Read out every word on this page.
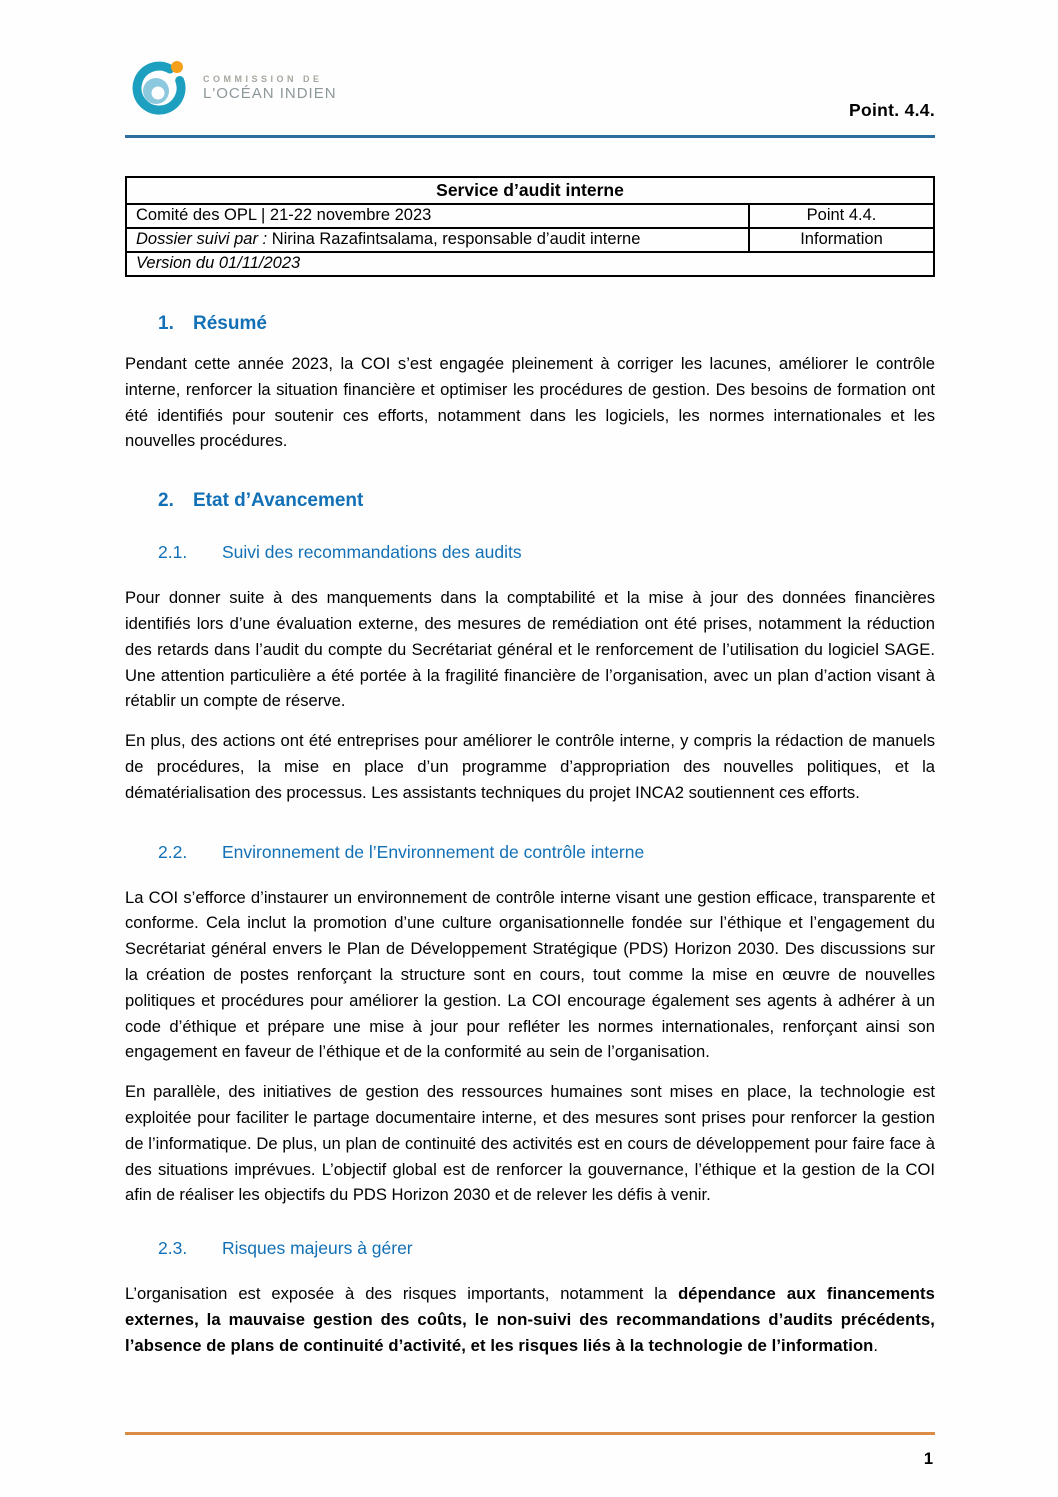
COMMISSION DE
L'OCÉAN INDIEN
Point. 4.4.
Service d’audit interne	
Comité des OPL | 21-22 novembre 2023	Point 4.4.
Dossier suivi par : Nirina Razafintsalama, responsable d’audit interne	Information
Version du 01/11/2023	
1.	Résumé

Pendant cette année 2023, la COI s’est engagée pleinement à corriger les lacunes, améliorer le contrôle interne, renforcer la situation financière et optimiser les procédures de gestion. Des besoins de formation ont été identifiés pour soutenir ces efforts, notamment dans les logiciels, les normes internationales et les nouvelles procédures.

2.	Etat d’Avancement
2.1.	Suivi des recommandations des audits

Pour donner suite à des manquements dans la comptabilité et la mise à jour des données financières identifiés lors d’une évaluation externe, des mesures de remédiation ont été prises, notamment la réduction des retards dans l’audit du compte du Secrétariat général et le renforcement de l’utilisation du logiciel SAGE. Une attention particulière a été portée à la fragilité financière de l’organisation, avec un plan d’action visant à rétablir un compte de réserve.

En plus, des actions ont été entreprises pour améliorer le contrôle interne, y compris la rédaction de manuels de procédures, la mise en place d’un programme d’appropriation des nouvelles politiques, et la dématérialisation des processus. Les assistants techniques du projet INCA2 soutiennent ces efforts.

2.2.	Environnement de l’Environnement de contrôle interne

La COI s’efforce d’instaurer un environnement de contrôle interne visant une gestion efficace, transparente et conforme. Cela inclut la promotion d’une culture organisationnelle fondée sur l’éthique et l’engagement du Secrétariat général envers le Plan de Développement Stratégique (PDS) Horizon 2030. Des discussions sur la création de postes renforçant la structure sont en cours, tout comme la mise en œuvre de nouvelles politiques et procédures pour améliorer la gestion. La COI encourage également ses agents à adhérer à un code d’éthique et prépare une mise à jour pour refléter les normes internationales, renforçant ainsi son engagement en faveur de l’éthique et de la conformité au sein de l’organisation.

En parallèle, des initiatives de gestion des ressources humaines sont mises en place, la technologie est exploitée pour faciliter le partage documentaire interne, et des mesures sont prises pour renforcer la gestion de l’informatique. De plus, un plan de continuité des activités est en cours de développement pour faire face à des situations imprévues. L’objectif global est de renforcer la gouvernance, l’éthique et la gestion de la COI afin de réaliser les objectifs du PDS Horizon 2030 et de relever les défis à venir.

2.3.	Risques majeurs à gérer

L’organisation est exposée à des risques importants, notamment la dépendance aux financements externes, la mauvaise gestion des coûts, le non-suivi des recommandations d’audits précédents, l’absence de plans de continuité d’activité, et les risques liés à la technologie de l’information.

1
